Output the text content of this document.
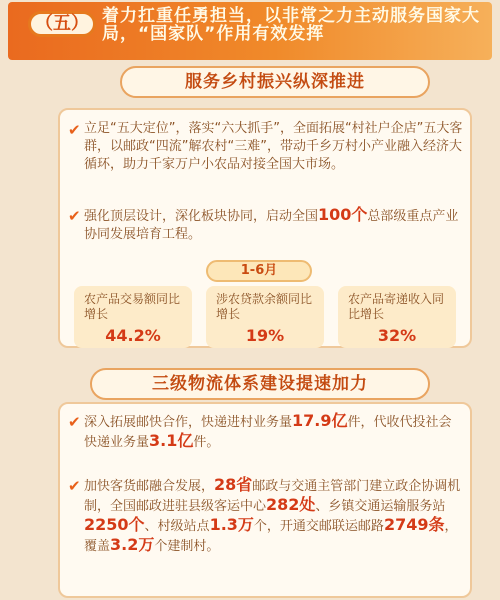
（五） 着力扛重任勇担当，以非常之力主动服务国家大局，“国家队”作用有效发挥
服务乡村振兴纵深推进
✔ 立足“五大定位”，落实“六大抓手”，全面拓展“村社户企店”五大客群，以邮政“四流”解农村“三难”，带动千乡万村小产业融入经济大循环，助力千家万户小农品对接全国大市场。
✔ 强化顶层设计，深化板块协同，启动全国100个总部级重点产业协同发展培育工程。
1-6月
农产品交易额同比增长
44.2%
涉农贷款余额同比增长
19%
农产品寄递收入同比增长
32%
三级物流体系建设提速加力
✔ 深入拓展邮快合作，快递进村业务量17.9亿件，代收代投社会快递业务量3.1亿件。
✔ 加快客货邮融合发展，28省邮政与交通主管部门建立政企协调机制，全国邮政进驻县级客运中心282处、乡镇交通运输服务站2250个、村级站点1.3万个，开通交邮联运邮路2749条，覆盖3.2万个建制村。
